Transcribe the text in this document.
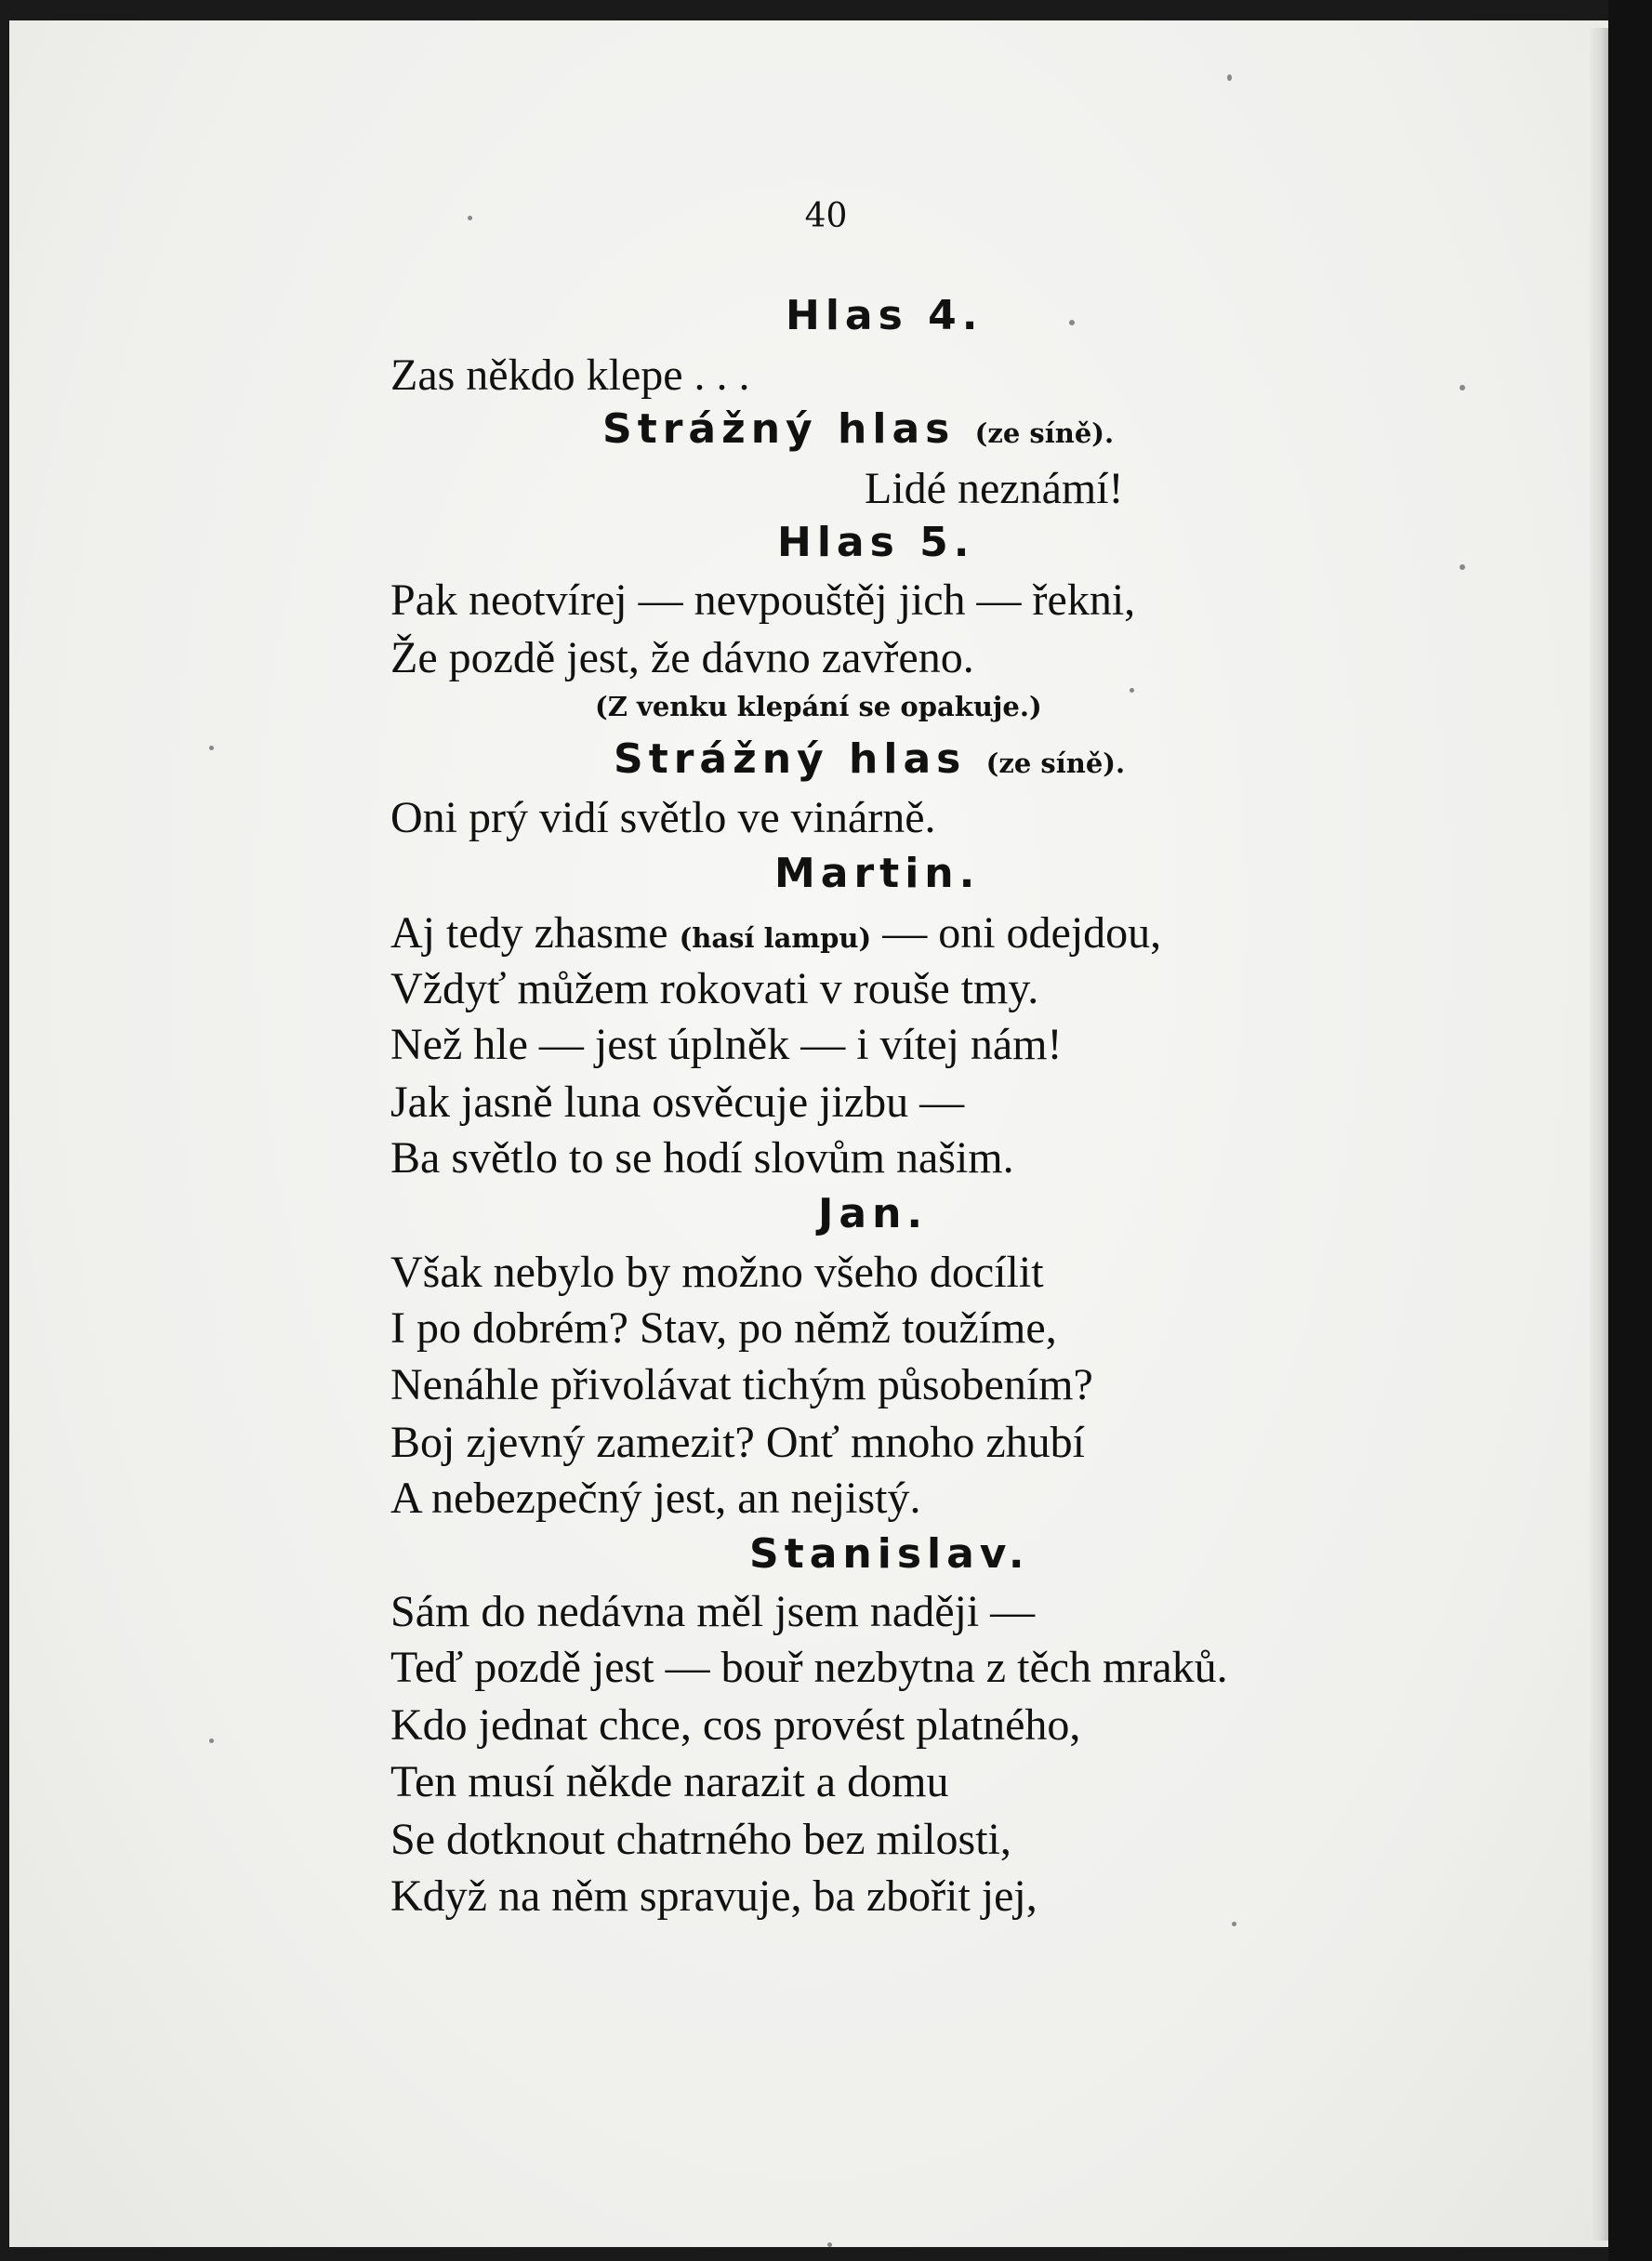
40
Hlas 4.
Zas někdo klepe . . .
Strážný hlas (ze síně).
Lidé neznámí!
Hlas 5.
Pak neotvírej — nevpouštěj jich — řekni,
Že pozdě jest, že dávno zavřeno.
(Z venku klepání se opakuje.)
Strážný hlas (ze síně).
Oni prý vidí světlo ve vinárně.
Martin.
Aj tedy zhasme (hasí lampu) — oni odejdou,
Vždyť můžem rokovati v rouše tmy.
Než hle — jest úplněk — i vítej nám!
Jak jasně luna osvěcuje jizbu —
Ba světlo to se hodí slovům našim.
Jan.
Však nebylo by možno všeho docílit
I po dobrém? Stav, po němž toužíme,
Nenáhle přivolávat tichým působením?
Boj zjevný zamezit? Onť mnoho zhubí
A nebezpečný jest, an nejistý.
Stanislav.
Sám do nedávna měl jsem naději —
Teď pozdě jest — bouř nezbytna z těch mraků.
Kdo jednat chce, cos provést platného,
Ten musí někde narazit a domu
Se dotknout chatrného bez milosti,
Když na něm spravuje, ba zbořit jej,
